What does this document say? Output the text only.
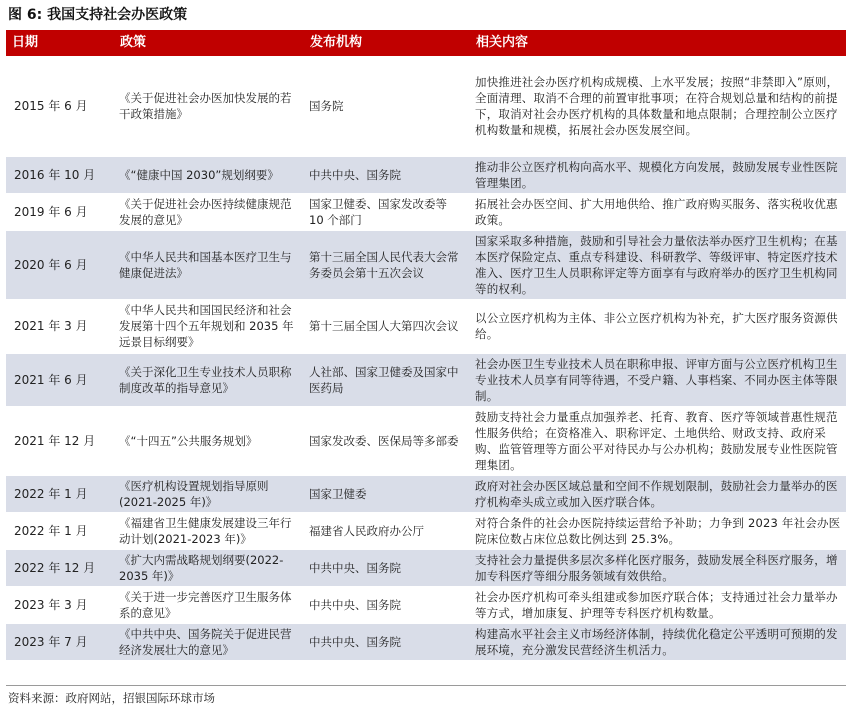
图 6: 我国支持社会办医政策
日期	政策	发布机构	相关内容
2015 年 6 月	《关于促进社会办医加快发展的若干政策措施》	国务院	加快推进社会办医疗机构成规模、上水平发展；按照“非禁即入”原则，全面清理、取消不合理的前置审批事项；在符合规划总量和结构的前提下，取消对社会办医疗机构的具体数量和地点限制；合理控制公立医疗机构数量和规模，拓展社会办医发展空间。
2016 年 10 月	《“健康中国 2030”规划纲要》	中共中央、国务院	推动非公立医疗机构向高水平、规模化方向发展，鼓励发展专业性医院管理集团。
2019 年 6 月	《关于促进社会办医持续健康规范发展的意见》	国家卫健委、国家发改委等 10 个部门	拓展社会办医空间、扩大用地供给、推广政府购买服务、落实税收优惠政策。
2020 年 6 月	《中华人民共和国基本医疗卫生与健康促进法》	第十三届全国人民代表大会常务委员会第十五次会议	国家采取多种措施，鼓励和引导社会力量依法举办医疗卫生机构；在基本医疗保险定点、重点专科建设、科研教学、等级评审、特定医疗技术准入、医疗卫生人员职称评定等方面享有与政府举办的医疗卫生机构同等的权利。
2021 年 3 月	《中华人民共和国国民经济和社会发展第十四个五年规划和 2035 年远景目标纲要》	第十三届全国人大第四次会议	以公立医疗机构为主体、非公立医疗机构为补充，扩大医疗服务资源供给。
2021 年 6 月	《关于深化卫生专业技术人员职称制度改革的指导意见》	人社部、国家卫健委及国家中医药局	社会办医卫生专业技术人员在职称申报、评审方面与公立医疗机构卫生专业技术人员享有同等待遇，不受户籍、人事档案、不同办医主体等限制。
2021 年 12 月	《“十四五”公共服务规划》	国家发改委、医保局等多部委	鼓励支持社会力量重点加强养老、托育、教育、医疗等领域普惠性规范性服务供给；在资格准入、职称评定、土地供给、财政支持、政府采购、监管管理等方面公平对待民办与公办机构；鼓励发展专业性医院管理集团。
2022 年 1 月	《医疗机构设置规划指导原则(2021-2025 年)》	国家卫健委	政府对社会办医区域总量和空间不作规划限制，鼓励社会力量举办的医疗机构牵头成立或加入医疗联合体。
2022 年 1 月	《福建省卫生健康发展建设三年行动计划(2021-2023 年)》	福建省人民政府办公厅	对符合条件的社会办医院持续运营给予补助；力争到 2023 年社会办医院床位数占床位总数比例达到 25.3%。
2022 年 12 月	《扩大内需战略规划纲要(2022-2035 年)》	中共中央、国务院	支持社会力量提供多层次多样化医疗服务，鼓励发展全科医疗服务，增加专科医疗等细分服务领域有效供给。
2023 年 3 月	《关于进一步完善医疗卫生服务体系的意见》	中共中央、国务院	社会办医疗机构可牵头组建或参加医疗联合体；支持通过社会力量举办等方式，增加康复、护理等专科医疗机构数量。
2023 年 7 月	《中共中央、国务院关于促进民营经济发展壮大的意见》	中共中央、国务院	构建高水平社会主义市场经济体制，持续优化稳定公平透明可预期的发展环境，充分激发民营经济生机活力。
资料来源：政府网站，招银国际环球市场
